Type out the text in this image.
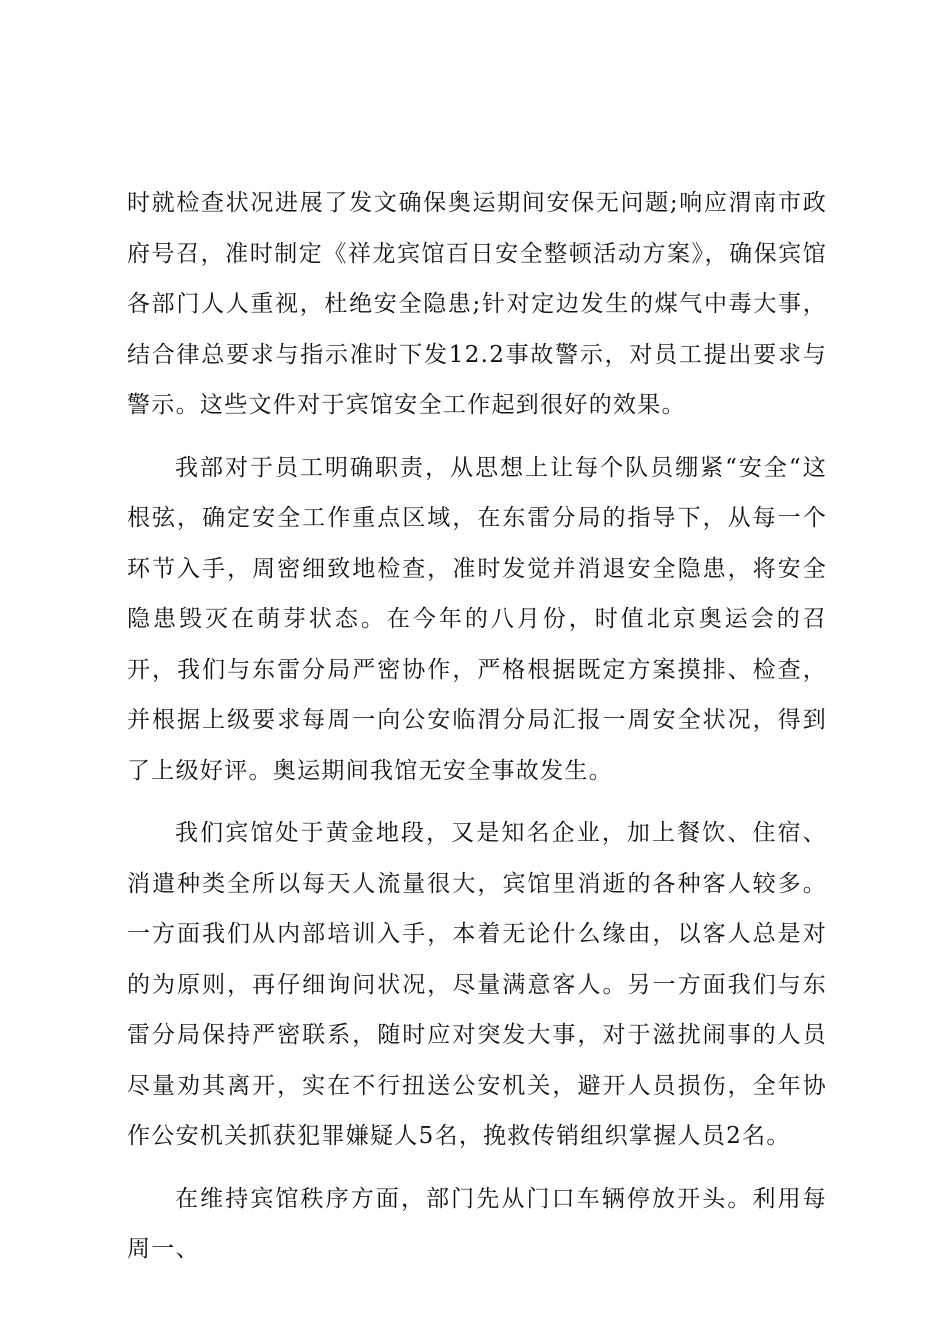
时就检查状况进展了发文确保奥运期间安保无问题;响应渭南市政府号召，准时制定《祥龙宾馆百日安全整顿活动方案》，确保宾馆各部门人人重视，杜绝安全隐患;针对定边发生的煤气中毒大事，结合律总要求与指示准时下发12.2事故警示，对员工提出要求与警示。这些文件对于宾馆安全工作起到很好的效果。

我部对于员工明确职责，从思想上让每个队员绷紧“安全“这根弦，确定安全工作重点区域，在东雷分局的指导下，从每一个环节入手，周密细致地检查，准时发觉并消退安全隐患，将安全隐患毁灭在萌芽状态。在今年的八月份，时值北京奥运会的召开，我们与东雷分局严密协作，严格根据既定方案摸排、检查，并根据上级要求每周一向公安临渭分局汇报一周安全状况，得到了上级好评。奥运期间我馆无安全事故发生。

我们宾馆处于黄金地段，又是知名企业，加上餐饮、住宿、消遣种类全所以每天人流量很大，宾馆里消逝的各种客人较多。一方面我们从内部培训入手，本着无论什么缘由，以客人总是对的为原则，再仔细询问状况，尽量满意客人。另一方面我们与东雷分局保持严密联系，随时应对突发大事，对于滋扰闹事的人员尽量劝其离开，实在不行扭送公安机关，避开人员损伤，全年协作公安机关抓获犯罪嫌疑人5名，挽救传销组织掌握人员2名。

在维持宾馆秩序方面，部门先从门口车辆停放开头。利用每周一、
